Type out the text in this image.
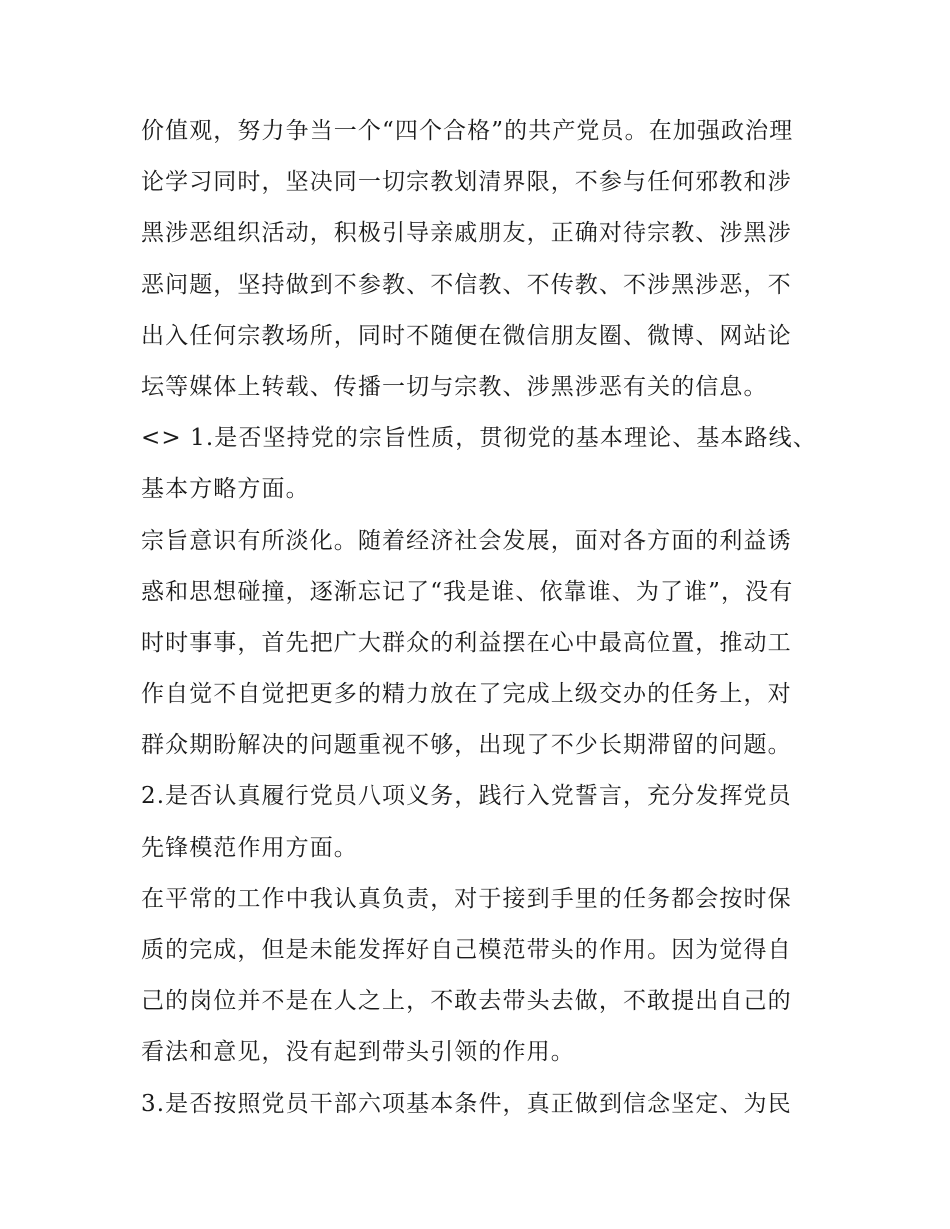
价值观，努力争当一个“四个合格”的共产党员。在加强政治理
论学习同时，坚决同一切宗教划清界限，不参与任何邪教和涉
黑涉恶组织活动，积极引导亲戚朋友，正确对待宗教、涉黑涉
恶问题，坚持做到不参教、不信教、不传教、不涉黑涉恶，不
出入任何宗教场所，同时不随便在微信朋友圈、微博、网站论
坛等媒体上转载、传播一切与宗教、涉黑涉恶有关的信息。
<> 1.是否坚持党的宗旨性质，贯彻党的基本理论、基本路线、
基本方略方面。
宗旨意识有所淡化。随着经济社会发展，面对各方面的利益诱
惑和思想碰撞，逐渐忘记了“我是谁、依靠谁、为了谁”，没有
时时事事，首先把广大群众的利益摆在心中最高位置，推动工
作自觉不自觉把更多的精力放在了完成上级交办的任务上，对
群众期盼解决的问题重视不够，出现了不少长期滞留的问题。
2.是否认真履行党员八项义务，践行入党誓言，充分发挥党员
先锋模范作用方面。
在平常的工作中我认真负责，对于接到手里的任务都会按时保
质的完成，但是未能发挥好自己模范带头的作用。因为觉得自
己的岗位并不是在人之上，不敢去带头去做，不敢提出自己的
看法和意见，没有起到带头引领的作用。
3.是否按照党员干部六项基本条件，真正做到信念坚定、为民
